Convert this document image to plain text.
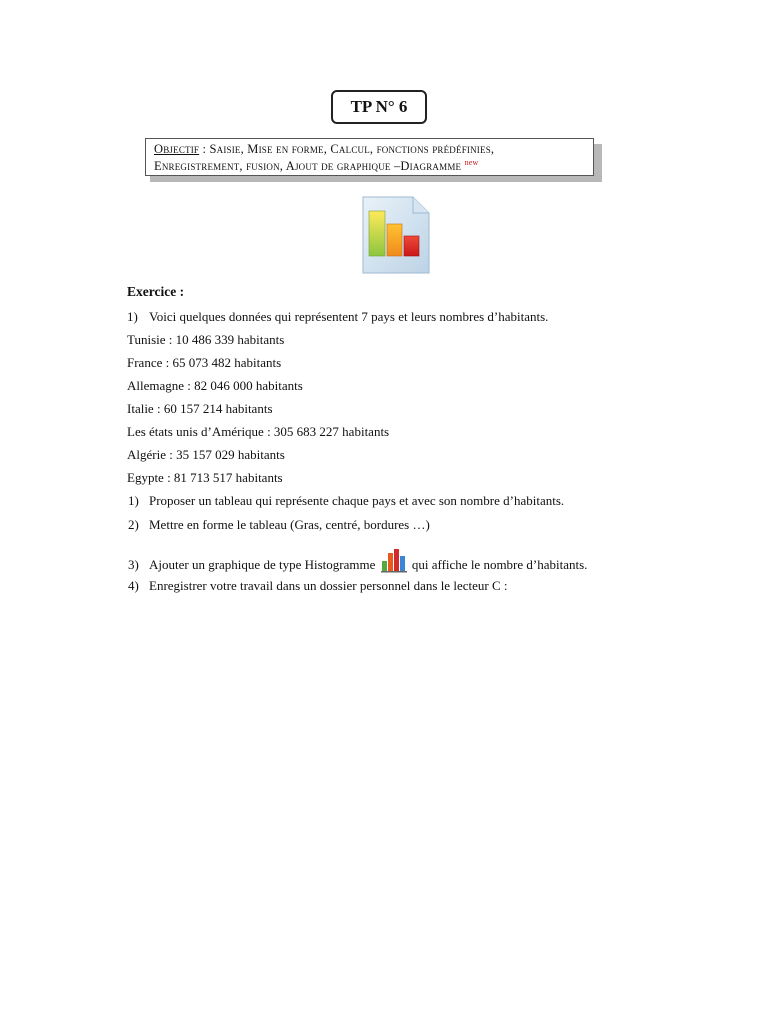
TP N° 6
Objectif : Saisie, Mise en forme, Calcul, fonctions prédéfinies,
Enregistrement, fusion, Ajout de graphique –Diagramme $^{new}$
Exercice :
1) Voici quelques données qui représentent 7 pays et leurs nombres d’habitants.
Tunisie : 10 486 339 habitants
France : 65 073 482 habitants
Allemagne : 82 046 000 habitants
Italie : 60 157 214 habitants
Les états unis d’Amérique : 305 683 227 habitants
Algérie : 35 157 029 habitants
Egypte : 81 713 517 habitants
1) Proposer un tableau qui représente chaque pays et avec son nombre d’habitants.
2) Mettre en forme le tableau (Gras, centré, bordures …)
3) Ajouter un graphique de type Histogramme	qui affiche le nombre d’habitants.
4) Enregistrer votre travail dans un dossier personnel dans le lecteur C :
